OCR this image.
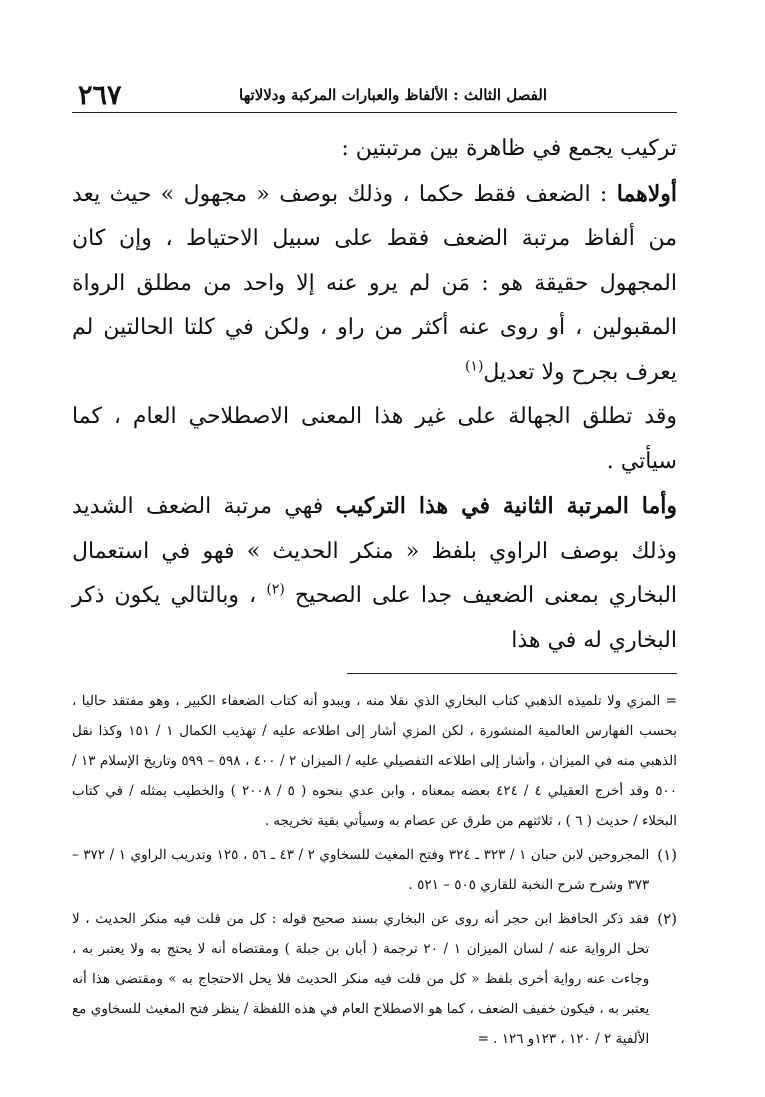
٢٦٧	الفصل الثالث : الألفاظ والعبارات المركبة ودلالاتها

تركيب يجمع في ظاهرة بين مرتبتين :

أولاهما : الضعف فقط حكما ، وذلك بوصف « مجهول » حيث يعد من ألفاظ مرتبة الضعف فقط على سبيل الاحتياط ، وإن كان المجهول حقيقة هو : مَن لم يرو عنه إلا واحد من مطلق الرواة المقبولين ، أو روى عنه أكثر من راو ، ولكن في كلتا الحالتين لم يعرف بجرح ولا تعديل$^{(١)}$

وقد تطلق الجهالة على غير هذا المعنى الاصطلاحي العام ، كما سيأتي .

وأما المرتبة الثانية في هذا التركيب فهي مرتبة الضعف الشديد وذلك بوصف الراوي بلفظ « منكر الحديث » فهو في استعمال البخاري بمعنى الضعيف جدا على الصحيح $^{(٢)}$ ، وبالتالي يكون ذكر البخاري له في هذا

= المزي ولا تلميذه الذهبي كتاب البخاري الذي نقلا منه ، ويبدو أنه كتاب الضعفاء الكبير ، وهو مفتقد حاليا ، بحسب الفهارس العالمية المنشورة ، لكن المزي أشار إلى اطلاعه عليه / تهذيب الكمال ١ / ١٥١ وكذا نقل الذهبي منه في الميزان ، وأشار إلى اطلاعه التفصيلي عليه / الميزان ٢ / ٤٠٠ ، ٥٩٨ – ٥٩٩ وتاريخ الإسلام ١٣ / ٥٠٠ وقد أخرج العقيلي ٤ / ٤٢٤ بعضه بمعناه ، وابن عدي بنحوه ( ٥ / ٢٠٠٨ ) والخطيب بمثله / في كتاب البخلاء / حديث ( ٦ ) ، ثلاثتهم من طرق عن عصام به وسيأتي بقية تخريجه .

(١)
المجروحين لابن حبان ١ / ٣٢٣ ـ ٣٢٤ وفتح المغيث للسخاوي ٢ / ٤٣ ـ ٥٦ ، ١٢٥ وتدريب الراوي ١ / ٣٧٢ – ٣٧٣ وشرح شرح النخبة للقاري ٥٠٥ – ٥٢١ .
(٢)
فقد ذكر الحافظ ابن حجر أنه روى عن البخاري بسند صحيح قوله : كل من قلت فيه منكر الحديث ، لا تحل الرواية عنه / لسان الميزان ١ / ٢٠ ترجمة ( أبان بن جبلة ) ومقتضاه أنه لا يحتج به ولا يعتبر به ، وجاءت عنه رواية أخرى بلفظ « كل من قلت فيه منكر الحديث فلا يحل الاحتجاج به » ومقتضى هذا أنه يعتبر به ، فيكون خفيف الضعف ، كما هو الاصطلاح العام في هذه اللفظة / ينظر فتح المغيث للسخاوي مع الألفية ٢ / ١٢٠ ، ١٢٣و ١٢٦ . =
